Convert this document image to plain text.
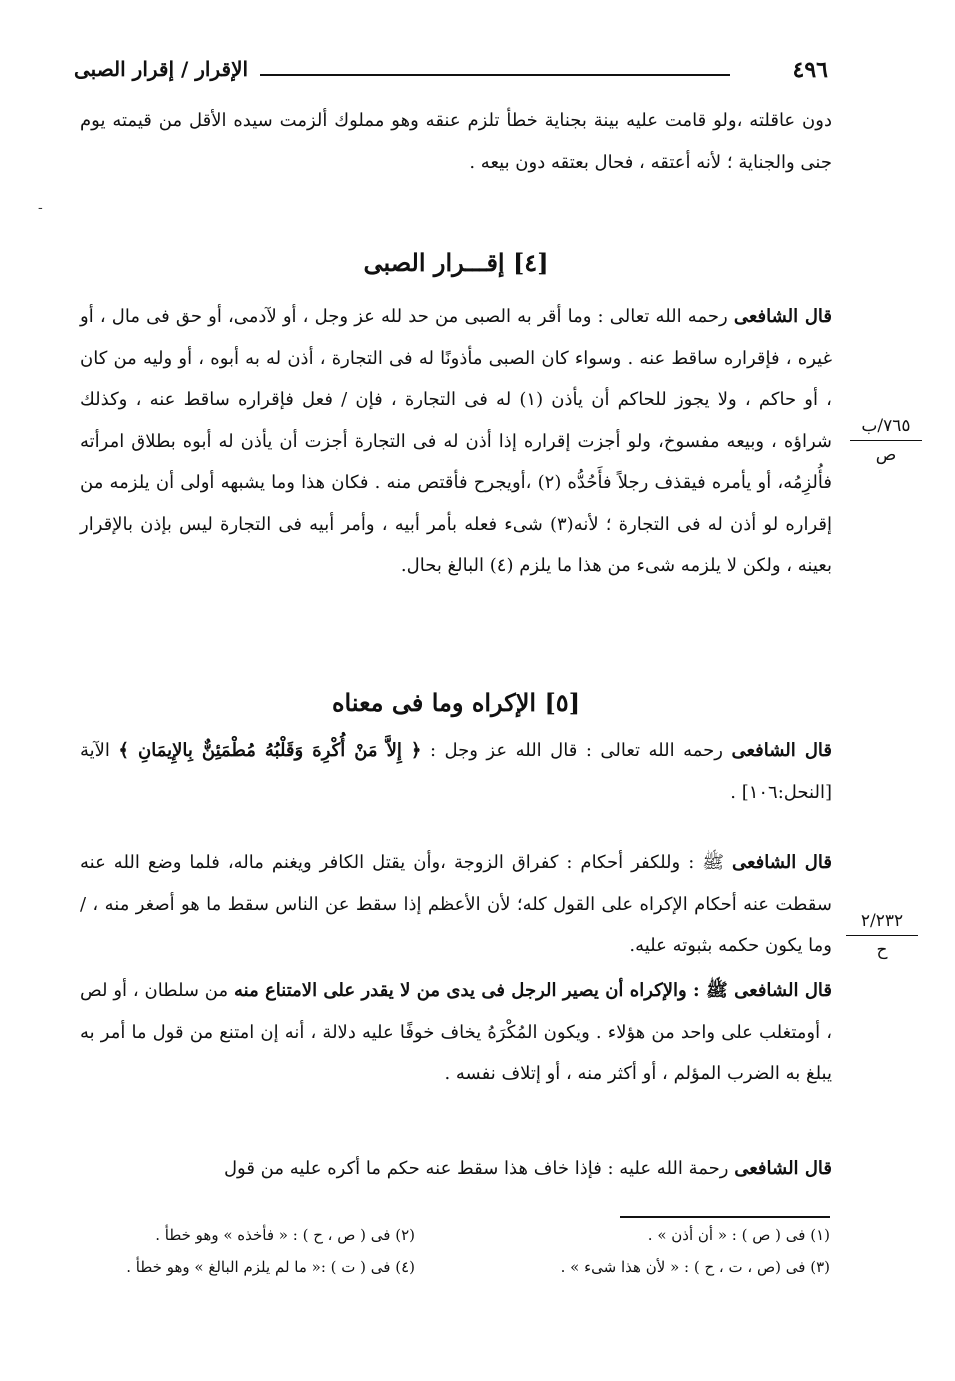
الإقرار / إقرار الصبى	٤٩٦
دون عاقلته ،ولو قامت عليه بينة بجناية خطأ تلزم عنقه وهو مملوك ألزمت سيده الأقل من قيمته يوم جنى والجناية ؛ لأنه أعتقه ، فحال بعتقه دون بيعه .
-
[٤] إقـــرار الصبى
قال الشافعى رحمه الله تعالى : وما أقر به الصبى من حد لله عز وجل ، أو لآدمى، أو حق فى مال ، أو غيره ، فإقراره ساقط عنه . وسواء كان الصبى مأذونًا له فى التجارة ، أذن له به أبوه ، أو وليه من كان ، أو حاكم ، ولا يجوز للحاكم أن يأذن (١) له فى التجارة ، فإن / فعل فإقراره ساقط عنه ، وكذلك شراؤه ، وبيعه مفسوخ، ولو أجزت إقراره إذا أذن له فى التجارة أجزت أن يأذن له أبوه بطلاق امرأته فأُلزِمُه، أو يأمره فيقذف رجلاً فأَحُدُّه (٢) ،أويجرح فأقتص منه . فكان هذا وما يشبهه أولى أن يلزمه من إقراره لو أذن له فى التجارة ؛ لأنه(٣) شىء فعله بأمر أبيه ، وأمر أبيه فى التجارة ليس بإذن بالإقرار بعينه ، ولكن لا يلزمه شىء من هذا ما يلزم (٤) البالغ بحال.
٧٦٥/ب
ص
[٥] الإكراه وما فى معناه
قال الشافعى رحمه الله تعالى : قال الله عز وجل : ﴿ إِلاَّ مَنْ أُكْرِهَ وَقَلْبُهُ مُطْمَئِنٌّ بِالإِيمَانِ ﴾ الآية [النحل:١٠٦] .
قال الشافعى ﷺ : وللكفر أحكام : كفراق الزوجة ،وأن يقتل الكافر ويغنم ماله، فلما وضع الله عنه سقطت عنه أحكام الإكراه على القول كله؛ لأن الأعظم إذا سقط عن الناس سقط ما هو أصغر منه ، / وما يكون حكمه بثبوته عليه.
٢/٢٣٢
ح
قال الشافعى ﷺ : والإكراه أن يصير الرجل فى يدى من لا يقدر على الامتناع منه من سلطان ، أو لص ، أومتغلب على واحد من هؤلاء . ويكون المُكْرَهُ يخاف خوفًا عليه دلالة ، أنه إن امتنع من قول ما أمر به يبلغ به الضرب المؤلم ، أو أكثر منه ، أو إتلاف نفسه .
قال الشافعى رحمة الله عليه : فإذا خاف هذا سقط عنه حكم ما أكره عليه من قول
(١) فى ( ص ) : « أن أذن » .
(٢) فى ( ص ، ح ) : « فأخذه » وهو خطأ .
(٣) فى (ص ، ت ، ح ) : « لأن هذا شىء » .
(٤) فى ( ت ) :« ما لم يلزم البالغ » وهو خطأ .
